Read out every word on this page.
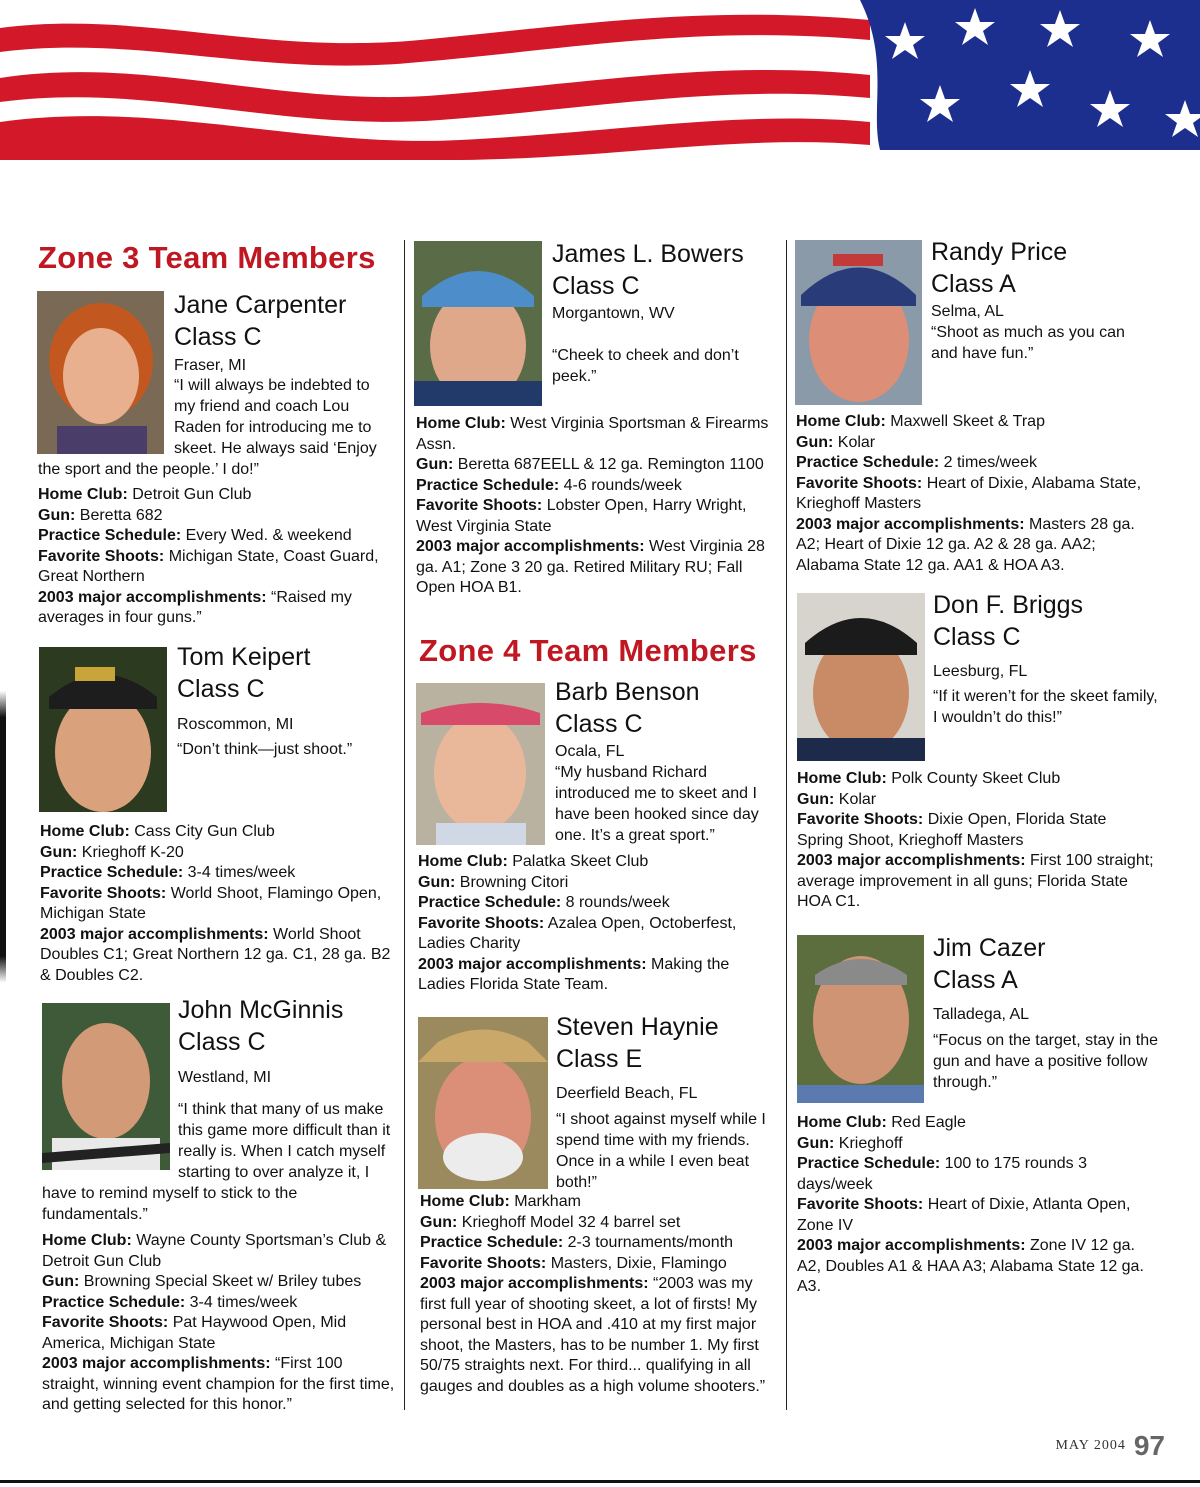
Zone 3 Team Members
Jane Carpenter
Class C
Fraser, MI
“I will always be indebted to my friend and coach Lou Raden for introducing me to skeet. He always said ‘Enjoy the sport and the people.’ I do!”
Home Club: Detroit Gun Club
Gun: Beretta 682
Practice Schedule: Every Wed. & weekend
Favorite Shoots: Michigan State, Coast Guard, Great Northern
2003 major accomplishments: “Raised my averages in four guns.”
Tom Keipert
Class C
Roscommon, MI
“Don’t think—just shoot.”
Home Club: Cass City Gun Club
Gun: Krieghoff K-20
Practice Schedule: 3-4 times/week
Favorite Shoots: World Shoot, Flamingo Open, Michigan State
2003 major accomplishments: World Shoot Doubles C1; Great Northern 12 ga. C1, 28 ga. B2 & Doubles C2.
John McGinnis
Class C
Westland, MI
“I think that many of us make this game more difficult than it really is. When I catch myself starting to over analyze it, I have to remind myself to stick to the fundamentals.”
Home Club: Wayne County Sportsman’s Club & Detroit Gun Club
Gun: Browning Special Skeet w/ Briley tubes
Practice Schedule: 3-4 times/week
Favorite Shoots: Pat Haywood Open, Mid America, Michigan State
2003 major accomplishments: “First 100 straight, winning event champion for the first time, and getting selected for this honor.”
James L. Bowers
Class C
Morgantown, WV
“Cheek to cheek and don’t peek.”
Home Club: West Virginia Sportsman & Firearms Assn.
Gun: Beretta 687EELL & 12 ga. Remington 1100
Practice Schedule: 4-6 rounds/week
Favorite Shoots: Lobster Open, Harry Wright, West Virginia State
2003 major accomplishments: West Virginia 28 ga. A1; Zone 3 20 ga. Retired Military RU; Fall Open HOA B1.
Zone 4 Team Members
Barb Benson
Class C
Ocala, FL
“My husband Richard introduced me to skeet and I have been hooked since day one. It’s a great sport.”
Home Club: Palatka Skeet Club
Gun: Browning Citori
Practice Schedule: 8 rounds/week
Favorite Shoots: Azalea Open, Octoberfest, Ladies Charity
2003 major accomplishments: Making the Ladies Florida State Team.
Steven Haynie
Class E
Deerfield Beach, FL
“I shoot against myself while I spend time with my friends. Once in a while I even beat both!”
Home Club: Markham
Gun: Krieghoff Model 32 4 barrel set
Practice Schedule: 2-3 tournaments/month
Favorite Shoots: Masters, Dixie, Flamingo
2003 major accomplishments: “2003 was my first full year of shooting skeet, a lot of firsts! My personal best in HOA and .410 at my first major shoot, the Masters, has to be number 1. My first 50/75 straights next. For third... qualifying in all gauges and doubles as a high volume shooters.”
Randy Price
Class A
Selma, AL
“Shoot as much as you can and have fun.”
Home Club: Maxwell Skeet & Trap
Gun: Kolar
Practice Schedule: 2 times/week
Favorite Shoots: Heart of Dixie, Alabama State, Krieghoff Masters
2003 major accomplishments: Masters 28 ga. A2; Heart of Dixie 12 ga. A2 & 28 ga. AA2; Alabama State 12 ga. AA1 & HOA A3.
Don F. Briggs
Class C
Leesburg, FL
“If it weren’t for the skeet family, I wouldn’t do this!”
Home Club: Polk County Skeet Club
Gun: Kolar
Favorite Shoots: Dixie Open, Florida State Spring Shoot, Krieghoff Masters
2003 major accomplishments: First 100 straight; average improvement in all guns; Florida State HOA C1.
Jim Cazer
Class A
Talladega, AL
“Focus on the target, stay in the gun and have a positive follow through.”
Home Club: Red Eagle
Gun: Krieghoff
Practice Schedule: 100 to 175 rounds 3 days/week
Favorite Shoots: Heart of Dixie, Atlanta Open, Zone IV
2003 major accomplishments: Zone IV 12 ga. A2, Doubles A1 & HAA A3; Alabama State 12 ga. A3.
MAY 2004 97
